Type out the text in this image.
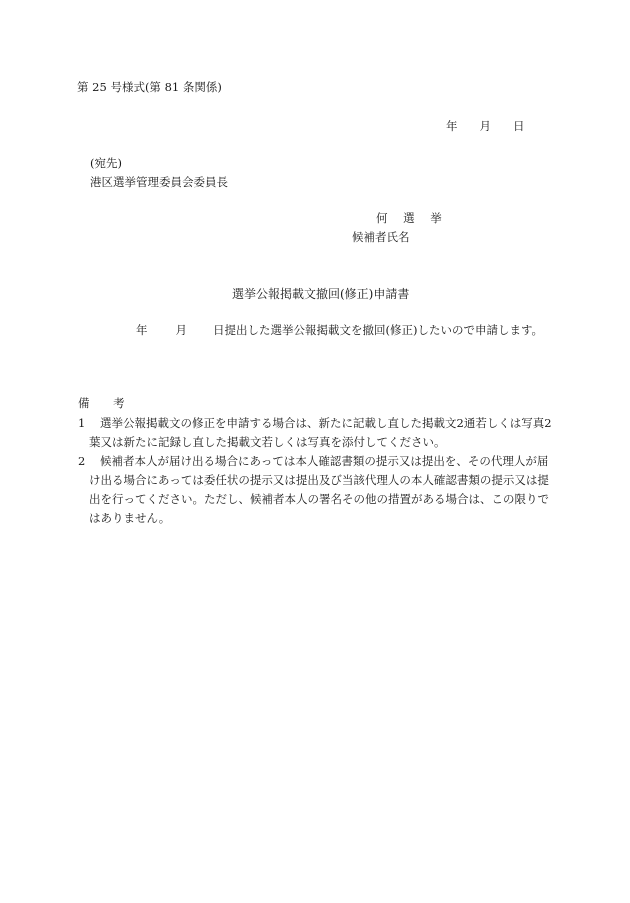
第 25 号様式(第 81 条関係)
年 月 日
(宛先)
港区選挙管理委員会委員長
何 選 挙
候補者氏名
選挙公報掲載文撤回(修正)申請書
年 月 日提出した選挙公報掲載文を撤回(修正)したいので申請します。
備 考
1	選挙公報掲載文の修正を申請する場合は、新たに記載し直した掲載文2通若しくは写真2葉又は新たに記録し直した掲載文若しくは写真を添付してください。
2	候補者本人が届け出る場合にあっては本人確認書類の提示又は提出を、その代理人が届け出る場合にあっては委任状の提示又は提出及び当該代理人の本人確認書類の提示又は提出を行ってください。ただし、候補者本人の署名その他の措置がある場合は、この限りではありません。
